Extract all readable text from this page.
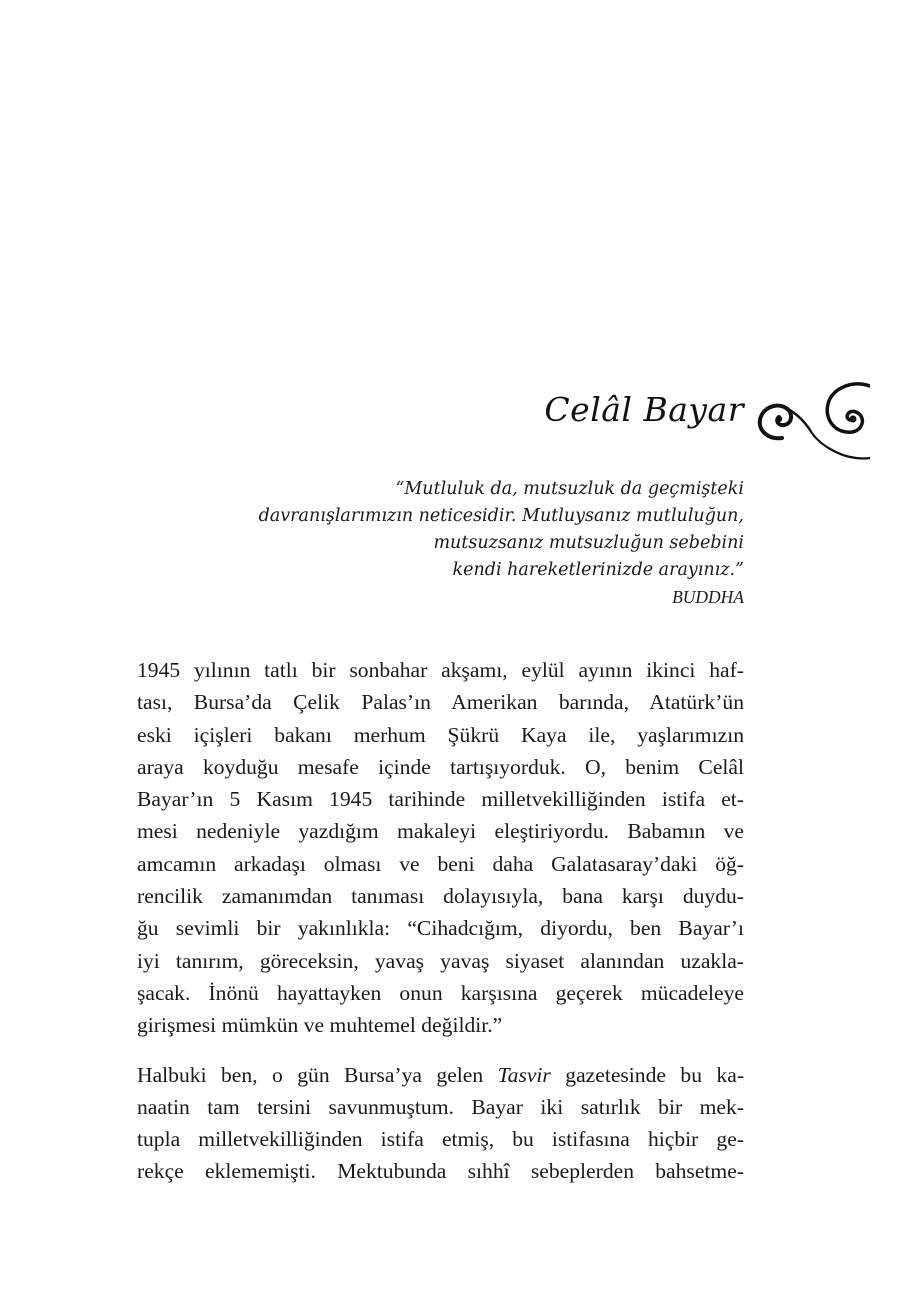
Celâl Bayar
“Mutluluk da, mutsuzluk da geçmişteki
davranışlarımızın neticesidir. Mutluysanız mutluluğun,
mutsuzsanız mutsuzluğun sebebini
kendi hareketlerinizde arayınız.”
BUDDHA
1945 yılının tatlı bir sonbahar akşamı, eylül ayının ikinci haf-
tası, Bursa’da Çelik Palas’ın Amerikan barında, Atatürk’ün
eski içişleri bakanı merhum Şükrü Kaya ile, yaşlarımızın
araya koyduğu mesafe içinde tartışıyorduk. O, benim Celâl
Bayar’ın 5 Kasım 1945 tarihinde milletvekilliğinden istifa et-
mesi nedeniyle yazdığım makaleyi eleştiriyordu. Babamın ve
amcamın arkadaşı olması ve beni daha Galatasaray’daki öğ-
rencilik zamanımdan tanıması dolayısıyla, bana karşı duydu-
ğu sevimli bir yakınlıkla: “Cihadcığım, diyordu, ben Bayar’ı
iyi tanırım, göreceksin, yavaş yavaş siyaset alanından uzakla-
şacak. İnönü hayattayken onun karşısına geçerek mücadeleye
girişmesi mümkün ve muhtemel değildir.”
Halbuki ben, o gün Bursa’ya gelen Tasvir gazetesinde bu ka-
naatin tam tersini savunmuştum. Bayar iki satırlık bir mek-
tupla milletvekilliğinden istifa etmiş, bu istifasına hiçbir ge-
rekçe eklememişti. Mektubunda sıhhî sebeplerden bahsetme-
